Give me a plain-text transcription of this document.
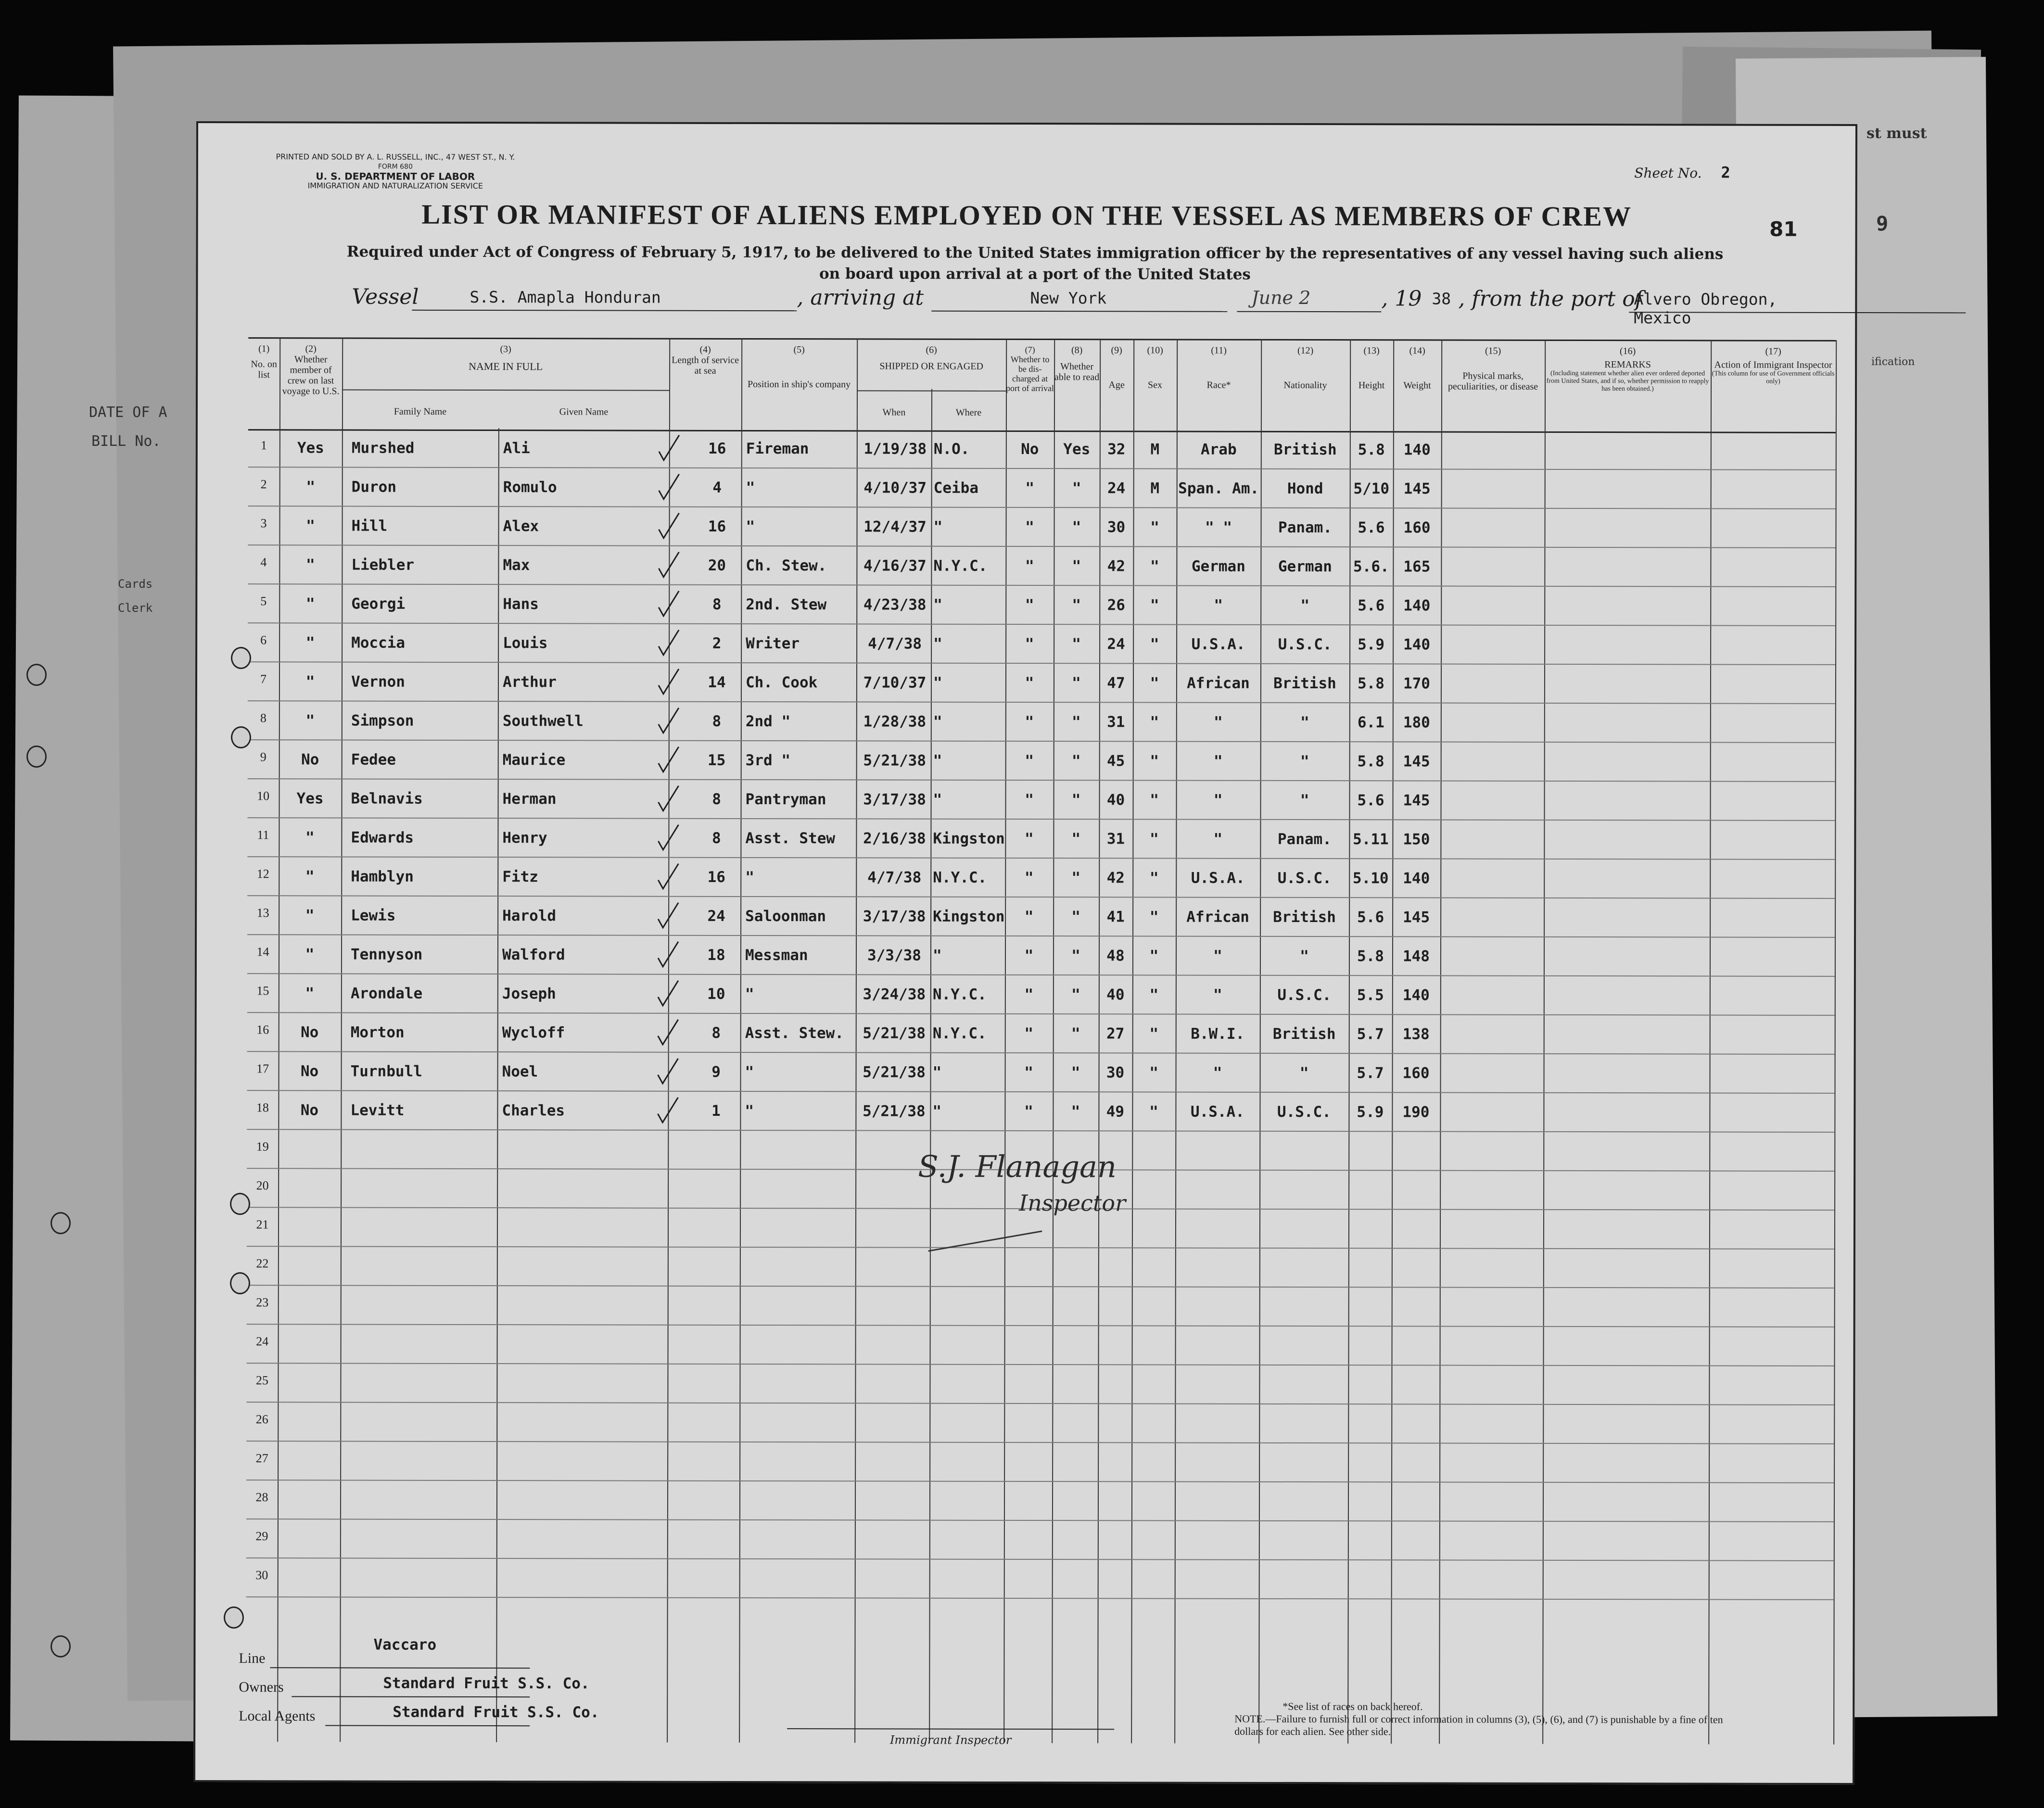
DATE OF A
BILL No.
Cards
Clerk
st must
ification
9
PRINTED AND SOLD BY A. L. RUSSELL, INC., 47 WEST ST., N. Y.
FORM 680
U. S. DEPARTMENT OF LABOR
IMMIGRATION AND NATURALIZATION SERVICE
Sheet No. 2
81
LIST OR MANIFEST OF ALIENS EMPLOYED ON THE VESSEL AS MEMBERS OF CREW
Required under Act of Congress of February 5, 1917, to be delivered to the United States immigration officer by the representatives of any vessel having such aliens on board upon arrival at a port of the United States
Vessel	S.S. Amapla Honduran	, arriving at	New York	June 2	, 19 38 , from the port of
Alvero Obregon, Mexico
(1)
No. on list
(2)
Whether member of crew on last voyage to U.S.
(3)
NAME IN FULL
Family Name	Given Name
(4)
Length of service at sea
(5)
Position in ship's company
(6)
SHIPPED OR ENGAGED
When	Where
(7)
Whether to be dis-charged at port of arrival
(8)
Whether able to read
(9)
Age
(10)
Sex
(11)
Race*
(12)
Nationality
(13)
Height
(14)
Weight
(15)
Physical marks, peculiarities, or disease
(16)
REMARKS
(Including statement whether alien ever ordered deported from United States, and if so, whether permission to reapply has been obtained.)
(17)
Action of Immigrant Inspector
(This column for use of Government officials only)
1	Yes	Murshed	Ali	16	Fireman	1/19/38 N.O.	No	Yes	32	M	Arab	British	5.8	140
2	"	Duron	Romulo	4	"	4/10/37 Ceiba	"	"	24	M	Span. Am.	Hond	5/10 145
3	"	Hill	Alex	16	"	12/4/37 "	"	"	30	"	" "	Panam.	5.6	160
4	"	Liebler	Max	20	Ch. Stew.	4/16/37 N.Y.C.	"	"	42	"	German	German	5.6. 165
5	"	Georgi	Hans	8	2nd. Stew	4/23/38 "	"	"	26	"	"	"	5.6	140
6	"	Moccia	Louis	2	Writer	4/7/38 "	"	"	24	"	U.S.A.	U.S.C.	5.9	140
7	"	Vernon	Arthur	14	Ch. Cook	7/10/37 "	"	"	47	"	African	British	5.8	170
8	"	Simpson	Southwell	8	2nd "	1/28/38 "	"	"	31	"	"	"	6.1	180
9	No	Fedee	Maurice	15	3rd "	5/21/38 "	"	"	45	"	"	"	5.8	145
10	Yes	Belnavis	Herman	8	Pantryman	3/17/38 "	"	"	40	"	"	"	5.6	145
11	"	Edwards	Henry	8	Asst. Stew	2/16/38 Kingston	"	"	31	"	"	Panam.	5.11 150
12	"	Hamblyn	Fitz	16	"	4/7/38 N.Y.C.	"	"	42	"	U.S.A.	U.S.C.	5.10 140
13	"	Lewis	Harold	24	Saloonman	3/17/38 Kingston	"	"	41	"	African	British	5.6	145
14	"	Tennyson	Walford	18	Messman	3/3/38 "	"	"	48	"	"	"	5.8	148
15	"	Arondale	Joseph	10	"	3/24/38 N.Y.C.	"	"	40	"	"	U.S.C.	5.5	140
16	No	Morton	Wycloff	8	Asst. Stew.	5/21/38 N.Y.C.	"	"	27	"	B.W.I.	British	5.7	138
17	No	Turnbull	Noel	9	"	5/21/38 "	"	"	30	"	"	"	5.7	160
18	No	Levitt	Charles	1	"	5/21/38 "	"	"	49	"	U.S.A.	U.S.C.	5.9	190
19
20
21
22
23
24
25
26
27
28
29
30
S.J. Flanagan
Inspector
Line
Vaccaro
Owners	Standard Fruit S.S. Co.
Local Agents	Standard Fruit S.S. Co.
Immigrant Inspector
*See list of races on back hereof.
NOTE.—Failure to furnish full or correct information in columns (3), (5), (6), and (7) is punishable by a fine of ten dollars for each alien. See other side.
